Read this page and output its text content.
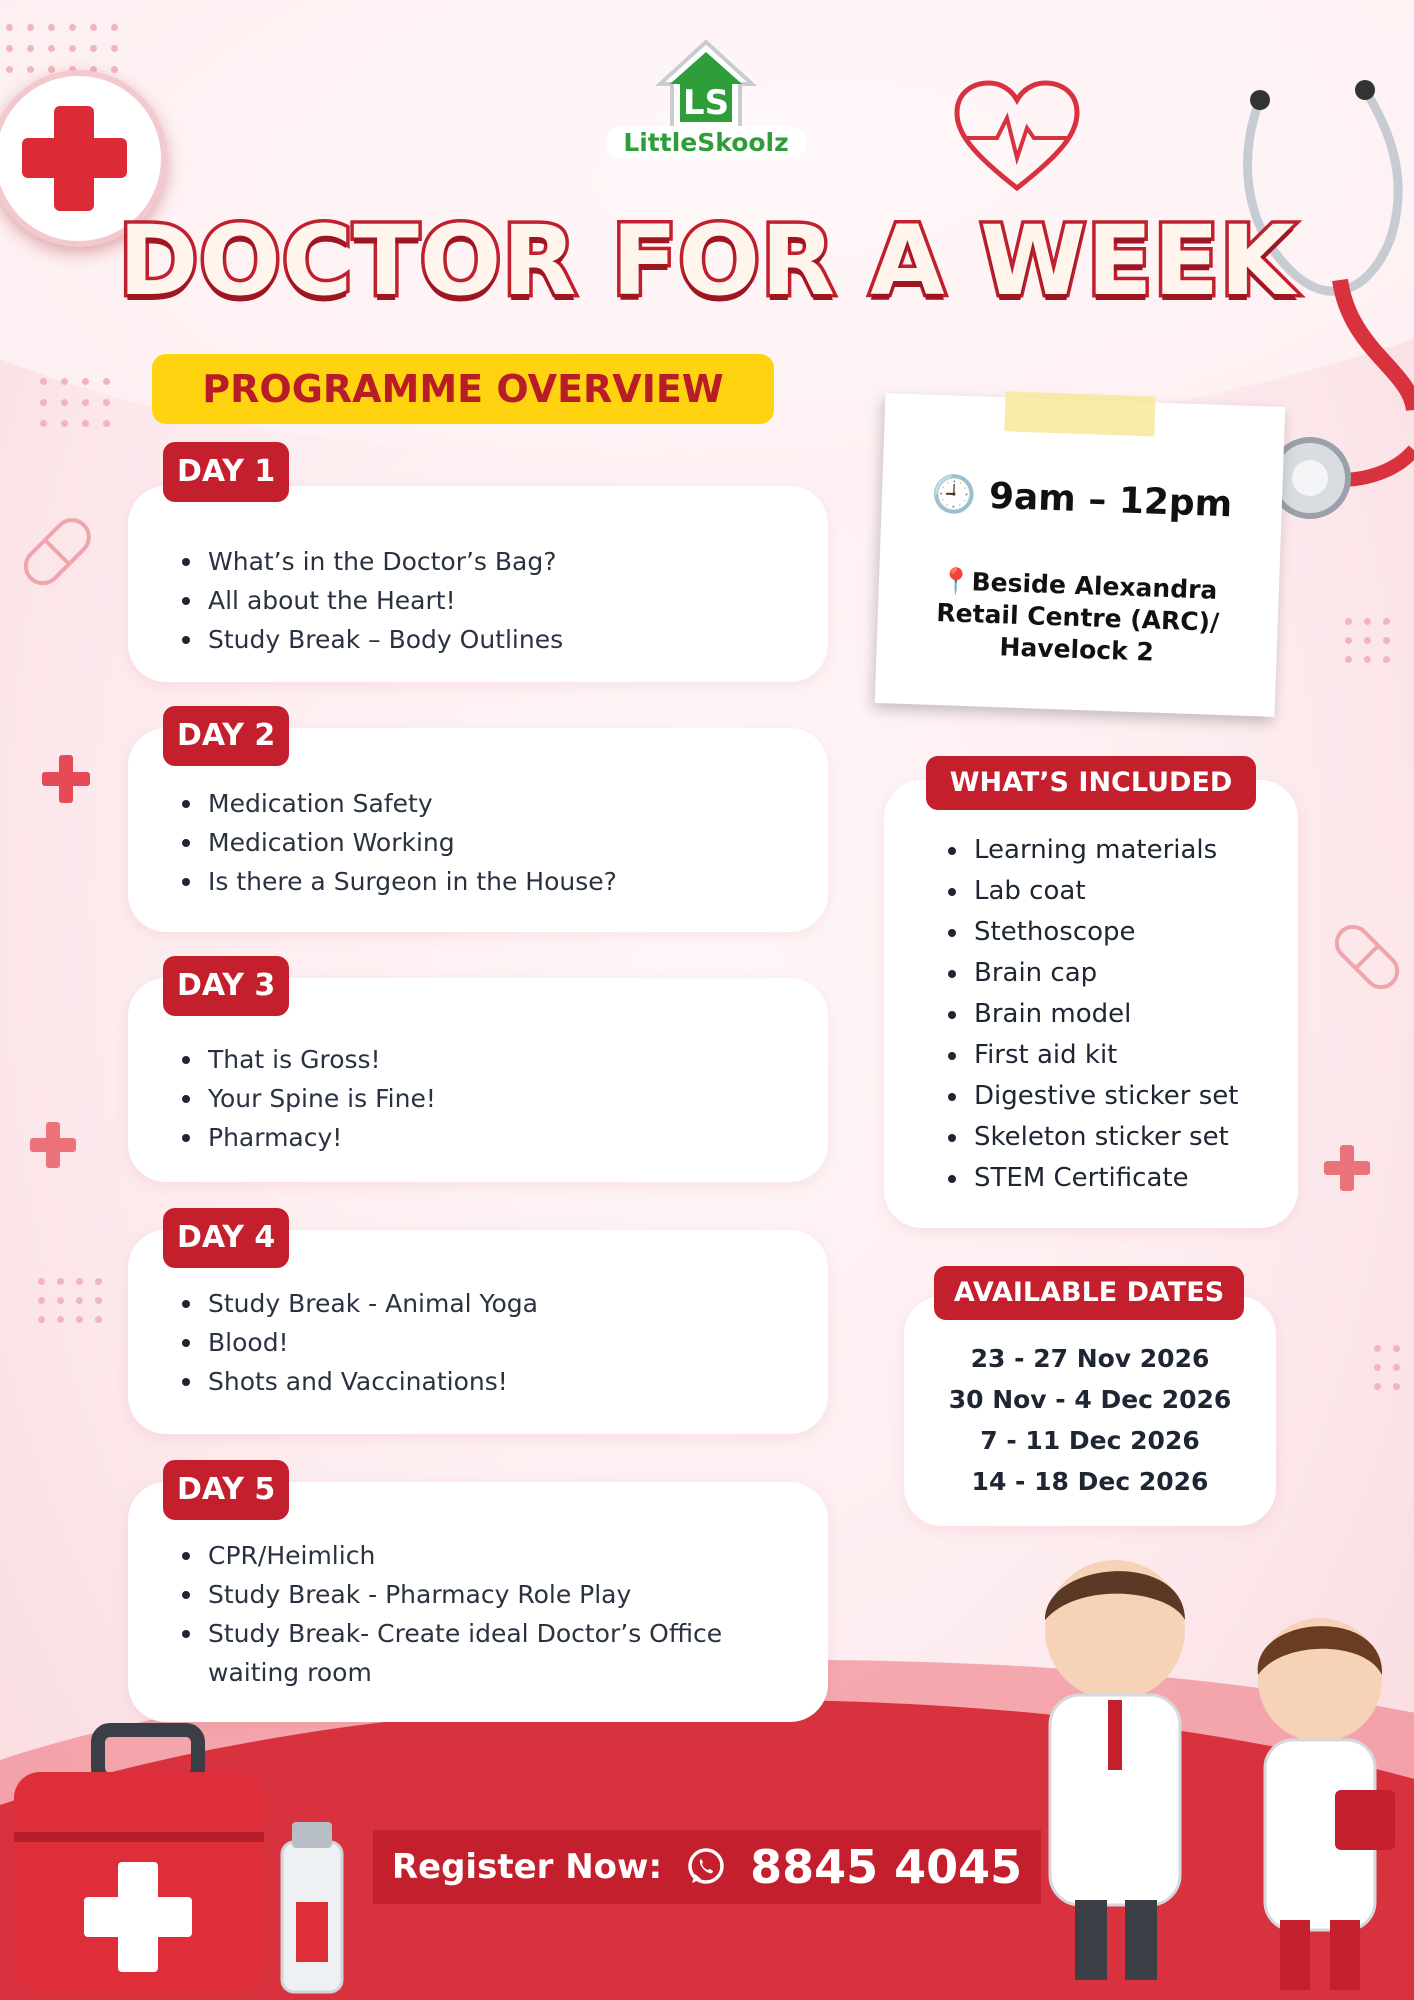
LS
LittleSkoolz
DOCTOR FOR A WEEK
PROGRAMME OVERVIEW
What’s in the Doctor’s Bag?
All about the Heart!
Study Break – Body Outlines
DAY 1
Medication Safety
Medication Working
Is there a Surgeon in the House?
DAY 2
That is Gross!
Your Spine is Fine!
Pharmacy!
DAY 3
Study Break - Animal Yoga
Blood!
Shots and Vaccinations!
DAY 4
CPR/Heimlich
Study Break - Pharmacy Role Play
Study Break- Create ideal Doctor’s Office
waiting room
DAY 5
🕘 9am – 12pm
📍Beside Alexandra Retail Centre (ARC)/ Havelock 2
Learning materials
Lab coat
Stethoscope
Brain cap
Brain model
First aid kit
Digestive sticker set
Skeleton sticker set
STEM Certificate
WHAT’S INCLUDED
23 - 27 Nov 2026
30 Nov - 4 Dec 2026
7 - 11 Dec 2026
14 - 18 Dec 2026
AVAILABLE DATES
Register Now: 8845 4045
